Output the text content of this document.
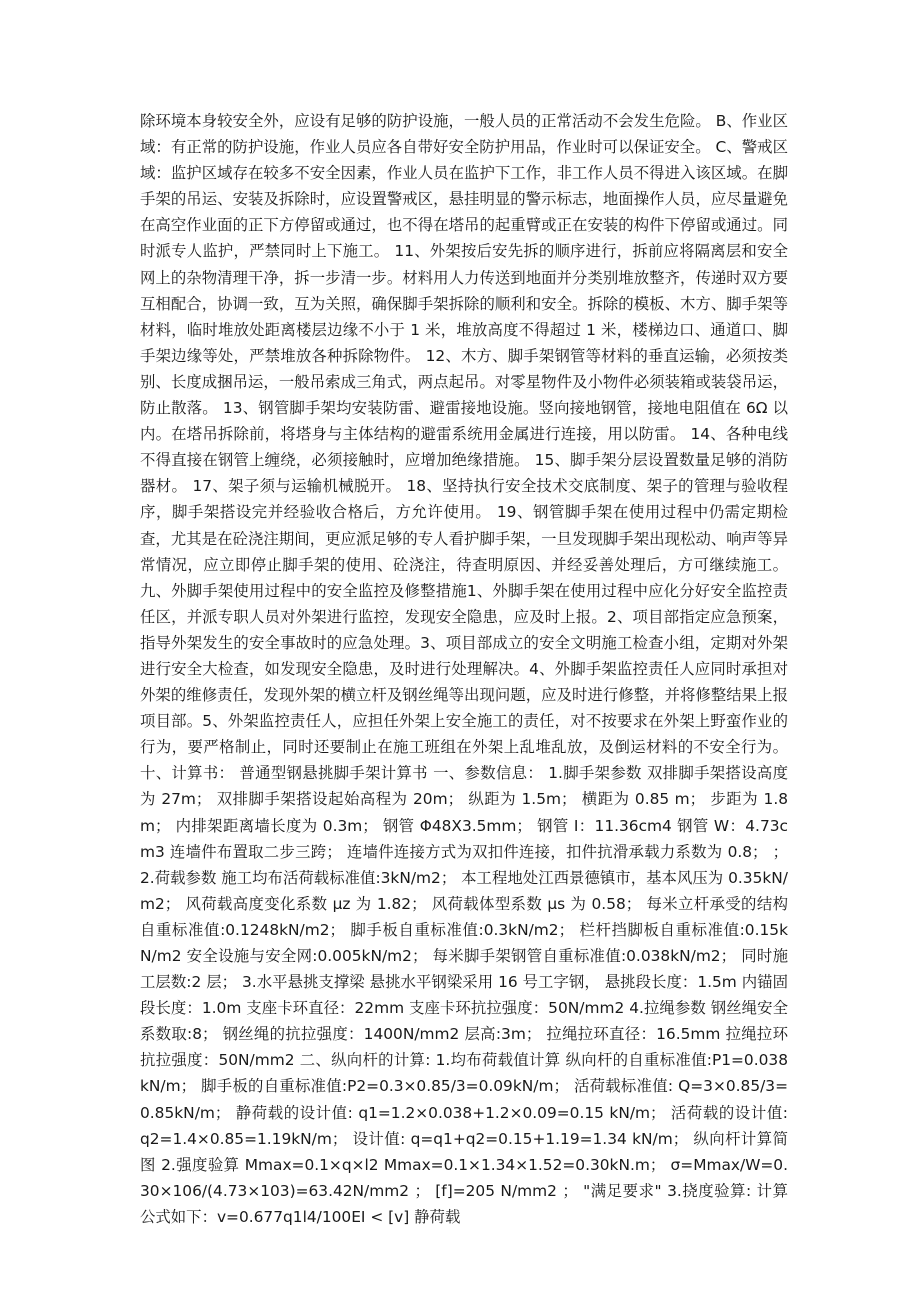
除环境本身较安全外，应设有足够的防护设施，一般人员的正常活动不会发生危险。 B、作业区域：有正常的防护设施，作业人员应各自带好安全防护用品，作业时可以保证安全。 C、警戒区域：监护区域存在较多不安全因素，作业人员在监护下工作，非工作人员不得进入该区域。在脚手架的吊运、安装及拆除时，应设置警戒区，悬挂明显的警示标志，地面操作人员，应尽量避免在高空作业面的正下方停留或通过，也不得在塔吊的起重臂或正在安装的构件下停留或通过。同时派专人监护，严禁同时上下施工。 11、外架按后安先拆的顺序进行，拆前应将隔离层和安全网上的杂物清理干净，拆一步清一步。材料用人力传送到地面并分类别堆放整齐，传递时双方要互相配合，协调一致，互为关照，确保脚手架拆除的顺利和安全。拆除的模板、木方、脚手架等材料，临时堆放处距离楼层边缘不小于 1 米，堆放高度不得超过 1 米，楼梯边口、通道口、脚手架边缘等处，严禁堆放各种拆除物件。 12、木方、脚手架钢管等材料的垂直运输，必须按类别、长度成捆吊运，一般吊索成三角式，两点起吊。对零星物件及小物件必须装箱或装袋吊运，防止散落。 13、钢管脚手架均安装防雷、避雷接地设施。竖向接地钢管，接地电阻值在 6Ω 以内。在塔吊拆除前，将塔身与主体结构的避雷系统用金属进行连接，用以防雷。 14、各种电线不得直接在钢管上缠绕，必须接触时，应增加绝缘措施。 15、脚手架分层设置数量足够的消防器材。 17、架子须与运输机械脱开。 18、坚持执行安全技术交底制度、架子的管理与验收程序，脚手架搭设完并经验收合格后，方允许使用。 19、钢管脚手架在使用过程中仍需定期检查，尤其是在砼浇注期间，更应派足够的专人看护脚手架，一旦发现脚手架出现松动、响声等异常情况，应立即停止脚手架的使用、砼浇注，待查明原因、并经妥善处理后，方可继续施工。 九、外脚手架使用过程中的安全监控及修整措施1、外脚手架在使用过程中应化分好安全监控责任区，并派专职人员对外架进行监控，发现安全隐患，应及时上报。2、项目部指定应急预案，指导外架发生的安全事故时的应急处理。3、项目部成立的安全文明施工检查小组，定期对外架进行安全大检查，如发现安全隐患，及时进行处理解决。4、外脚手架监控责任人应同时承担对外架的维修责任，发现外架的横立杆及钢丝绳等出现问题，应及时进行修整，并将修整结果上报项目部。5、外架监控责任人，应担任外架上安全施工的责任，对不按要求在外架上野蛮作业的行为，要严格制止，同时还要制止在施工班组在外架上乱堆乱放，及倒运材料的不安全行为。 十、计算书： 普通型钢悬挑脚手架计算书 一、参数信息： 1.脚手架参数 双排脚手架搭设高度为 27m； 双排脚手架搭设起始高程为 20m； 纵距为 1.5m； 横距为 0.85 m； 步距为 1.8m； 内排架距离墙长度为 0.3m； 钢管 Φ48X3.5mm； 钢管 I：11.36cm4 钢管 W：4.73cm3 连墙件布置取二步三跨； 连墙件连接方式为双扣件连接，扣件抗滑承载力系数为 0.8； ；2.荷载参数 施工均布活荷载标准值:3kN/m2； 本工程地处江西景德镇市，基本风压为 0.35kN/m2； 风荷载高度变化系数 μz 为 1.82； 风荷载体型系数 μs 为 0.58； 每米立杆承受的结构自重标准值:0.1248kN/m2； 脚手板自重标准值:0.3kN/m2； 栏杆挡脚板自重标准值:0.15kN/m2 安全设施与安全网:0.005kN/m2； 每米脚手架钢管自重标准值:0.038kN/m2； 同时施工层数:2 层； 3.水平悬挑支撑梁 悬挑水平钢梁采用 16 号工字钢， 悬挑段长度：1.5m 内锚固段长度：1.0m 支座卡环直径：22mm 支座卡环抗拉强度：50N/mm2 4.拉绳参数 钢丝绳安全系数取:8； 钢丝绳的抗拉强度：1400N/mm2 层高:3m； 拉绳拉环直径：16.5mm 拉绳拉环抗拉强度：50N/mm2 二、纵向杆的计算: 1.均布荷载值计算 纵向杆的自重标准值:P1=0.038 kN/m； 脚手板的自重标准值:P2=0.3×0.85/3=0.09kN/m； 活荷载标准值: Q=3×0.85/3=0.85kN/m； 静荷载的设计值: q1=1.2×0.038+1.2×0.09=0.15 kN/m； 活荷载的设计值: q2=1.4×0.85=1.19kN/m； 设计值: q=q1+q2=0.15+1.19=1.34 kN/m； 纵向杆计算简图 2.强度验算 Mmax=0.1×q×l2 Mmax=0.1×1.34×1.52=0.30kN.m； σ=Mmax/W=0.30×106/(4.73×103)=63.42N/mm2 ； [f]=205 N/mm2 ； "满足要求" 3.挠度验算: 计算公式如下：v=0.677q1l4/100EI < [v] 静荷载
